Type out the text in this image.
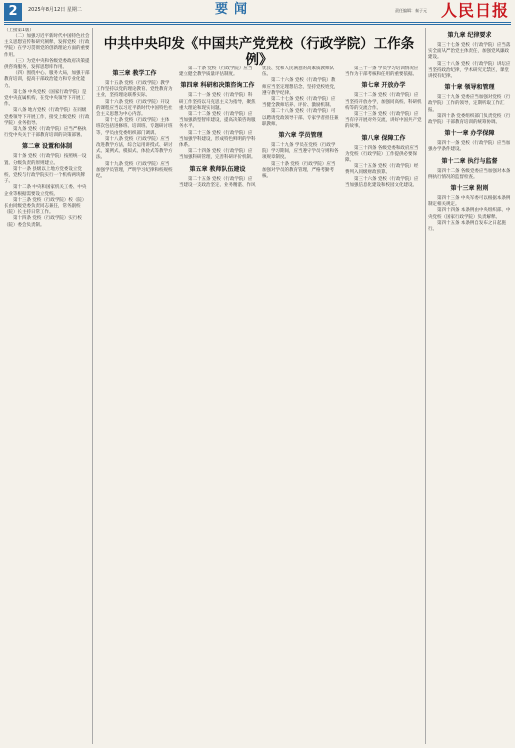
2	2025年8月12日 星期二	要闻	责任编辑：秦子元 人民日报

（上接第1版）

（二）加强习近平新时代中国特色社会主义思想宣传和研究阐释，发挥党校（行政学院）在学习贯彻党的创新理论方面的重要作用。

（三）为党中央和各级党委政府决策提供咨询服务，发挥思想库作用。

（四）围绕中心、服务大局，加强干部教育培训，提高干部政治能力和专业化能力。

第七条 中央党校（国家行政学院）是党中央直属机构，在党中央领导下开展工作。

第八条 地方党校（行政学院）在同级党委领导下开展工作，接受上级党校（行政学院）业务指导。

第九条 党校（行政学院）应当严格执行党中央关于干部教育培训的决策部署。

第二章 设置和体制

第十条 党校（行政学院）按照统一设置、分级负责的原则建立。

第十一条 县级以上地方党委设立党校，党校与行政学院实行一个机构两块牌子。

第十二条 中央和国家机关工委、中央企业等根据需要设立党校。

第十三条 党校（行政学院）校（院）长由同级党委负责同志兼任，常务副校（院）长主持日常工作。

第十四条 党校（行政学院）实行校（院）委会负责制。

中共中央印发《中国共产党党校（行政学院）工作条例》
第三章 教学工作

第十五条 党校（行政学院）教学工作坚持以党的理论教育、党性教育为主业，坚持理论联系实际。

第十六条 党校（行政学院）开设的课程应当以习近平新时代中国特色社会主义思想为中心内容。

第十七条 党校（行政学院）主体班次包括进修班、培训班、专题研讨班等，学员由党委组织部门调训。

第十八条 党校（行政学院）应当改进教学方法，综合运用讲授式、研讨式、案例式、模拟式、体验式等教学方法。

第十九条 党校（行政学院）应当加强学员管理，严明学习纪律和校规校纪。

第二十条 党校（行政学院）应当建立健全教学质量评估制度。

第四章 科研和决策咨询工作

第二十一条 党校（行政学院）科研工作坚持以马克思主义为指导，聚焦重大理论和现实问题。

第二十二条 党校（行政学院）应当加强新型智库建设，提高决策咨询服务水平。

第二十三条 党校（行政学院）应当加强学科建设，形成特色鲜明的学科体系。

第二十四条 党校（行政学院）应当加强科研管理，完善科研评价机制。

第五章 教师队伍建设

第二十五条 党校（行政学院）应当建设一支政治坚定、业务精湛、作风优良、党和人民满意的高素质教师队伍。

第二十六条 党校（行政学院）教师应当坚定理想信念，坚持党校姓党，遵守教学纪律。

第二十七条 党校（行政学院）应当健全教师培养、评价、激励机制。

第二十八条 党校（行政学院）可以聘请党政领导干部、专家学者担任兼职教师。

第六章 学员管理

第二十九条 学员在党校（行政学院）学习期间，应当遵守学员守则和各项规章制度。

第三十条 党校（行政学院）应当加强对学员的教育管理，严格考勤考核。

第三十一条 学员学习培训情况应当作为干部考核和任用的重要依据。

第七章 开放办学

第三十二条 党校（行政学院）应当坚持开放办学，加强同高校、科研机构等的交流合作。

第三十三条 党校（行政学院）应当有序开展对外交流，讲好中国共产党的故事。

第八章 保障工作

第三十四条 各级党委和政府应当为党校（行政学院）工作提供必要保障。

第三十五条 党校（行政学院）经费列入同级财政预算。

第三十六条 党校（行政学院）应当加强信息化建设和校园文化建设。

第九章 纪律要求

第三十七条 党校（行政学院）应当落实全面从严治党主体责任，加强党风廉政建设。

第三十八条 党校（行政学院）讲坛应当坚持政治纪律，学术研究无禁区，课堂讲授有纪律。

第十章 领导和管理

第三十九条 党委应当加强对党校（行政学院）工作的领导，定期听取工作汇报。

第四十条 党委组织部门负责党校（行政学院）干部教育培训的统筹协调。

第十一章 办学保障

第四十一条 党校（行政学院）应当加强办学条件建设。

第十二章 执行与监督

第四十二条 各级党委应当加强对本条例执行情况的监督检查。

第十三章 附则

第四十三条 中央军委可以根据本条例制定相关规定。

第四十四条 本条例由中央组织部、中央党校（国家行政学院）负责解释。

第四十五条 本条例自发布之日起施行。
